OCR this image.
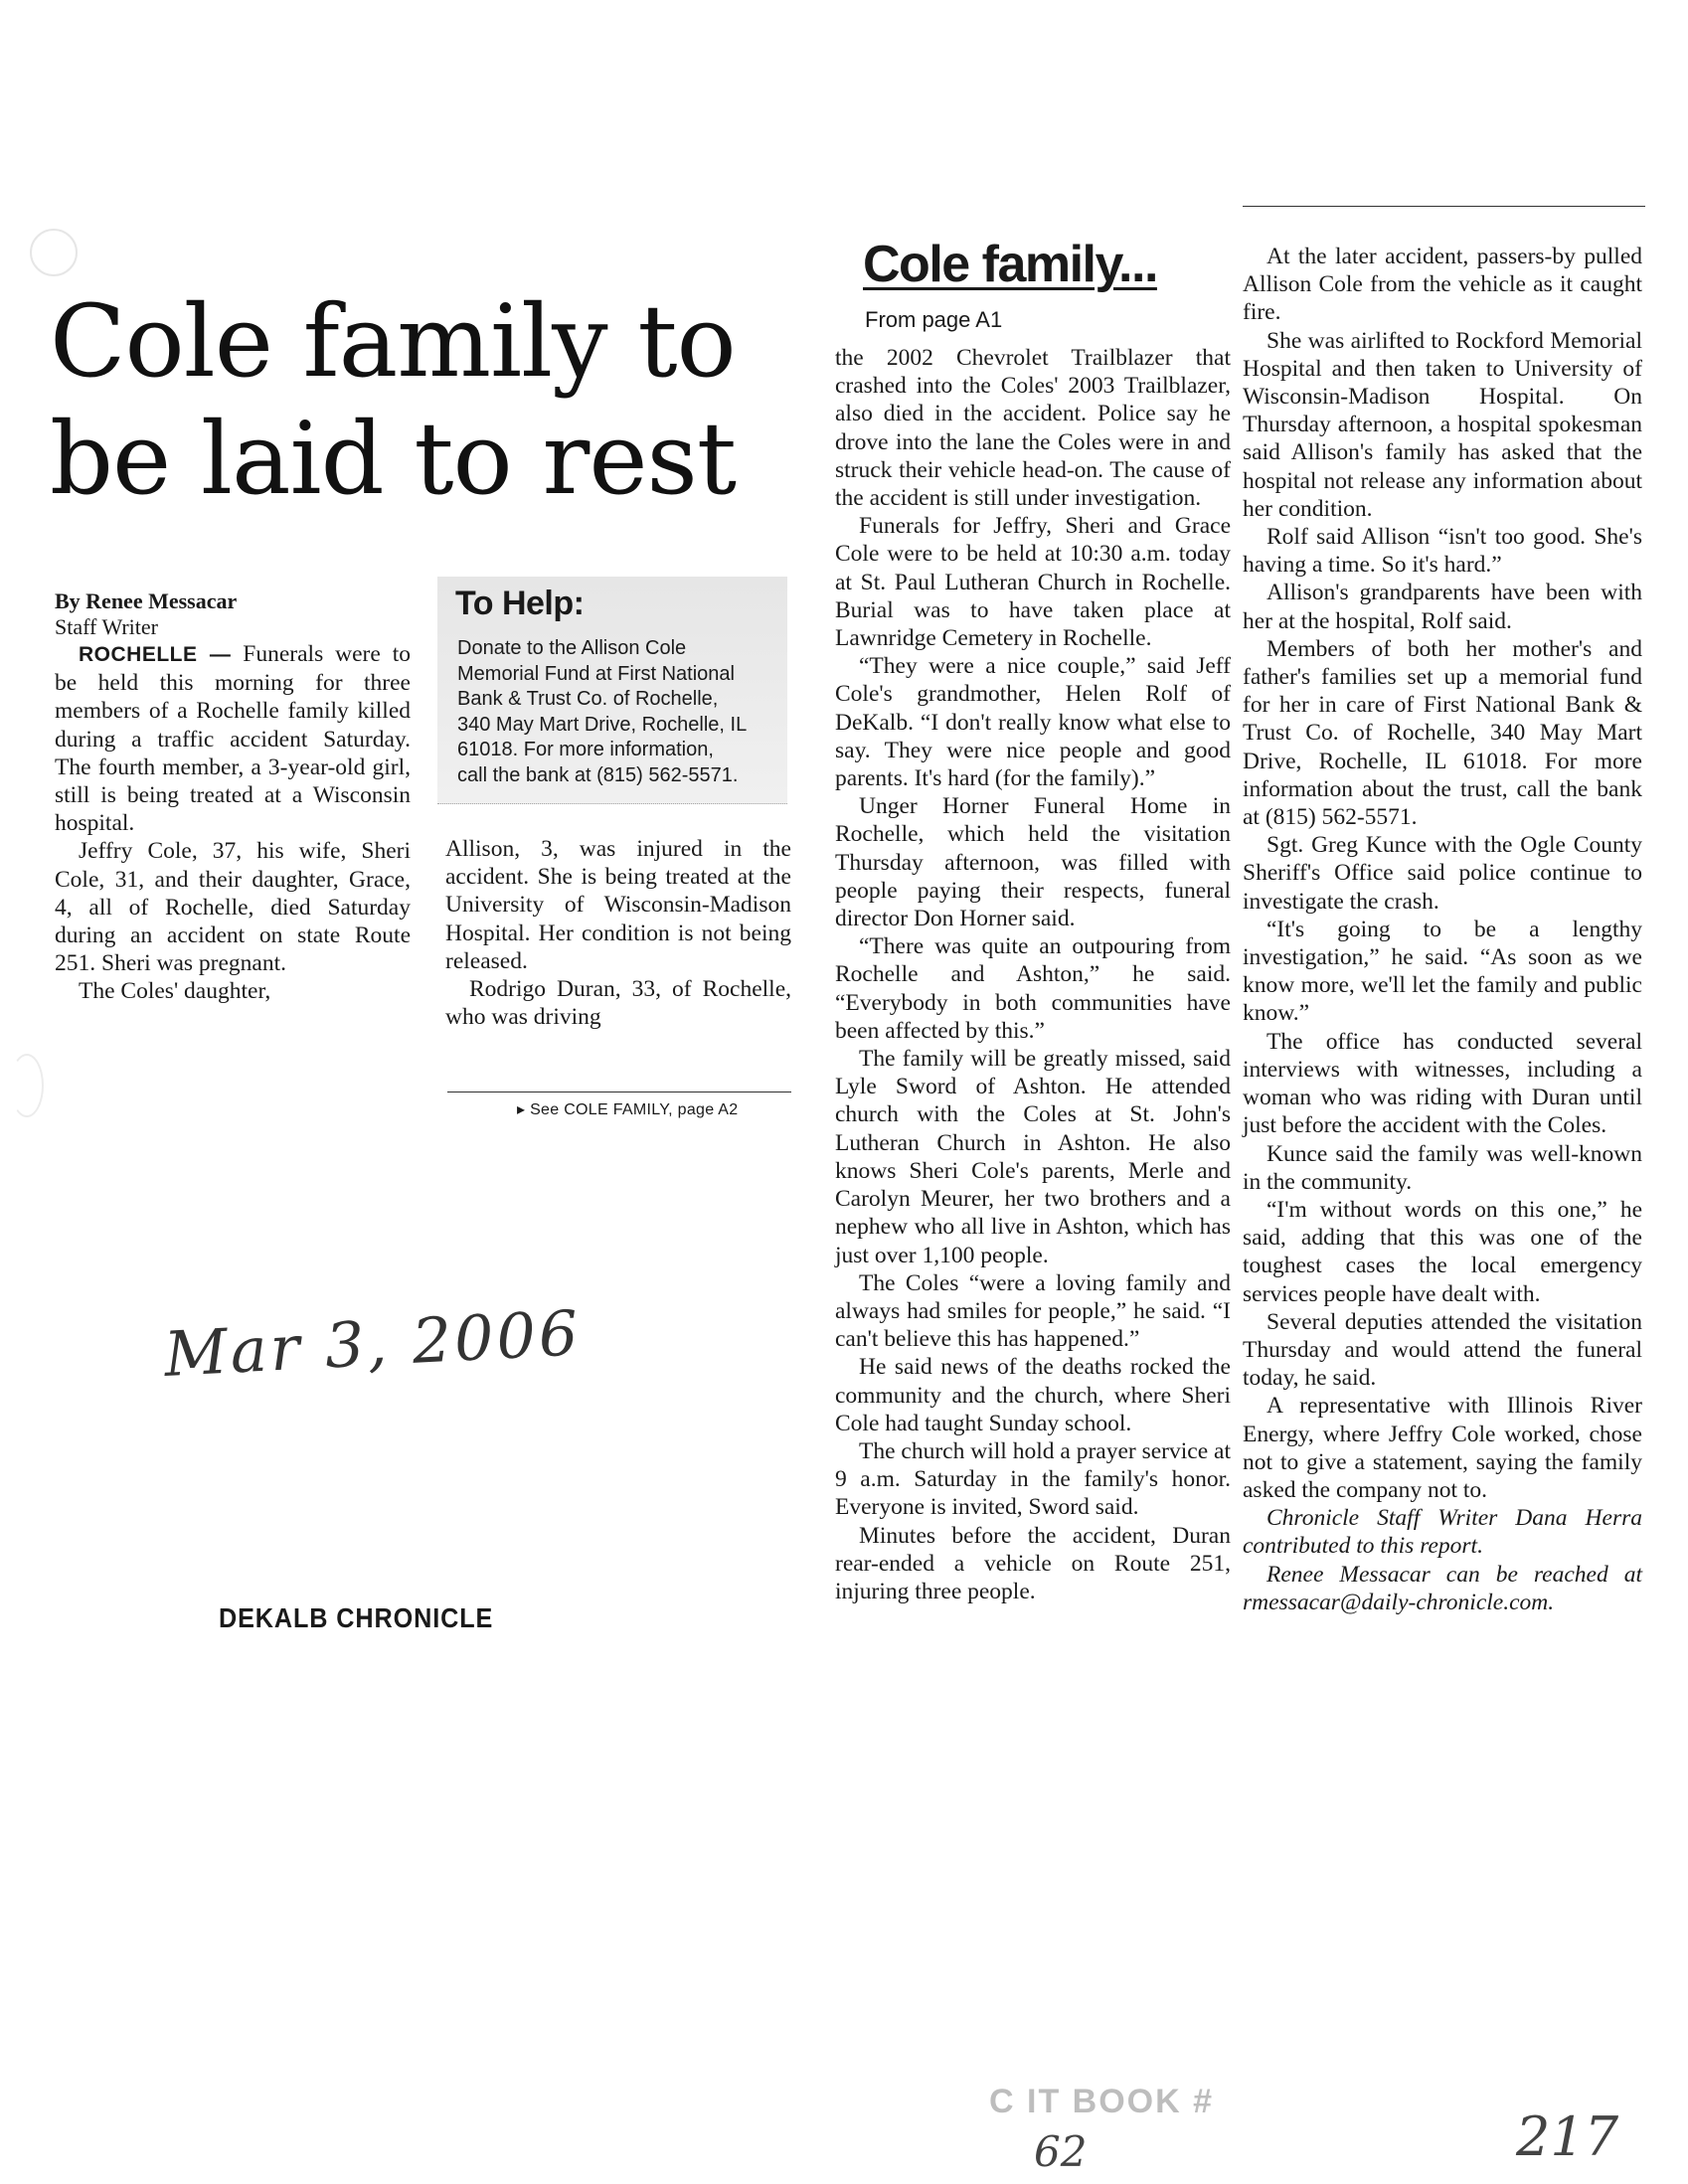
Cole family to
be laid to rest
By Renee Messacar
Staff Writer

ROCHELLE — Funerals were to be held this morning for three members of a Rochelle family killed during a traffic accident Saturday. The fourth member, a 3-year-old girl, still is being treated at a Wisconsin hospital.

Jeffry Cole, 37, his wife, Sheri Cole, 31, and their daughter, Grace, 4, all of Rochelle, died Saturday during an accident on state Route 251. Sheri was pregnant.

The Coles' daughter,

To Help:
Donate to the Allison Cole
Memorial Fund at First National
Bank & Trust Co. of Rochelle,
340 May Mart Drive, Rochelle, IL
61018. For more information,
call the bank at (815) 562-5571.

Allison, 3, was injured in the accident. She is being treated at the University of Wisconsin-Madison Hospital. Her condition is not being released.

Rodrigo Duran, 33, of Rochelle, who was driving

▸ See COLE FAMILY, page A2
Cole family...
From page A1

the 2002 Chevrolet Trailblazer that crashed into the Coles' 2003 Trailblazer, also died in the accident. Police say he drove into the lane the Coles were in and struck their vehicle head-on. The cause of the accident is still under investigation.

Funerals for Jeffry, Sheri and Grace Cole were to be held at 10:30 a.m. today at St. Paul Lutheran Church in Rochelle. Burial was to have taken place at Lawnridge Cemetery in Rochelle.

“They were a nice couple,” said Jeff Cole's grandmother, Helen Rolf of DeKalb. “I don't really know what else to say. They were nice people and good parents. It's hard (for the family).”

Unger Horner Funeral Home in Rochelle, which held the visitation Thursday afternoon, was filled with people paying their respects, funeral director Don Horner said.

“There was quite an outpouring from Rochelle and Ashton,” he said. “Everybody in both communities have been affected by this.”

The family will be greatly missed, said Lyle Sword of Ashton. He attended church with the Coles at St. John's Lutheran Church in Ashton. He also knows Sheri Cole's parents, Merle and Carolyn Meurer, her two brothers and a nephew who all live in Ashton, which has just over 1,100 people.

The Coles “were a loving family and always had smiles for people,” he said. “I can't believe this has happened.”

He said news of the deaths rocked the community and the church, where Sheri Cole had taught Sunday school.

The church will hold a prayer service at 9 a.m. Saturday in the family's honor. Everyone is invited, Sword said.

Minutes before the accident, Duran rear-ended a vehicle on Route 251, injuring three people.

At the later accident, passers-by pulled Allison Cole from the vehicle as it caught fire.

She was airlifted to Rockford Memorial Hospital and then taken to University of Wisconsin-Madison Hospital. On Thursday afternoon, a hospital spokesman said Allison's family has asked that the hospital not release any information about her condition.

Rolf said Allison “isn't too good. She's having a time. So it's hard.”

Allison's grandparents have been with her at the hospital, Rolf said.

Members of both her mother's and father's families set up a memorial fund for her in care of First National Bank & Trust Co. of Rochelle, 340 May Mart Drive, Rochelle, IL 61018. For more information about the trust, call the bank at (815) 562-5571.

Sgt. Greg Kunce with the Ogle County Sheriff's Office said police continue to investigate the crash.

“It's going to be a lengthy investigation,” he said. “As soon as we know more, we'll let the family and public know.”

The office has conducted several interviews with witnesses, including a woman who was riding with Duran until just before the accident with the Coles.

Kunce said the family was well-known in the community.

“I'm without words on this one,” he said, adding that this was one of the toughest cases the local emergency services people have dealt with.

Several deputies attended the visitation Thursday and would attend the funeral today, he said.

A representative with Illinois River Energy, where Jeffry Cole worked, chose not to give a statement, saying the family asked the company not to.

Chronicle Staff Writer Dana Herra contributed to this report.

Renee Messacar can be reached at rmessacar@daily-chronicle.com.

Mar 3, 2006
DEKALB CHRONICLE
C IT BOOK #
62	217
